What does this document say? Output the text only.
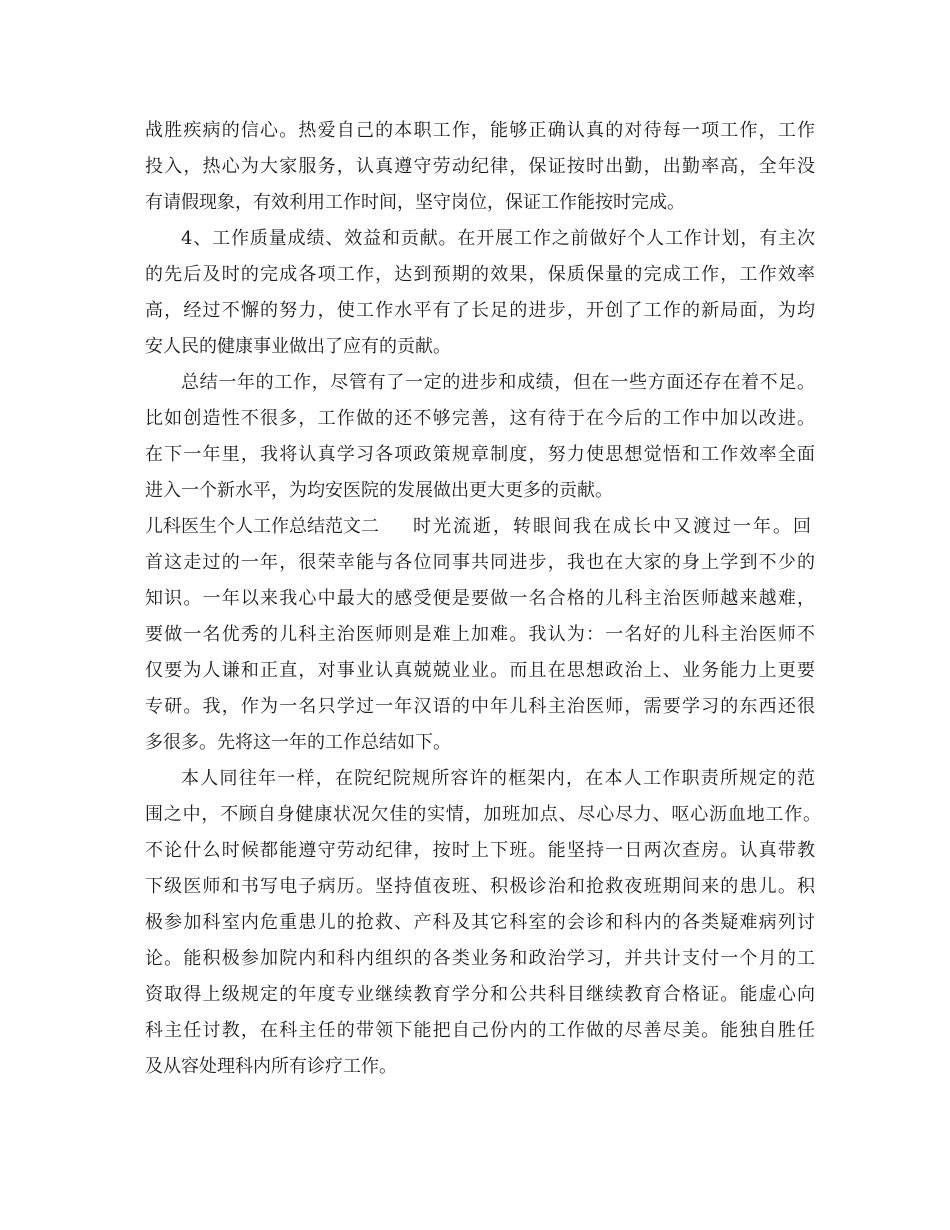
战胜疾病的信心。热爱自己的本职工作，能够正确认真的对待每一项工作，工作

投入，热心为大家服务，认真遵守劳动纪律，保证按时出勤，出勤率高，全年没

有请假现象，有效利用工作时间，坚守岗位，保证工作能按时完成。

4、工作质量成绩、效益和贡献。在开展工作之前做好个人工作计划，有主次

的先后及时的完成各项工作，达到预期的效果，保质保量的完成工作，工作效率

高，经过不懈的努力，使工作水平有了长足的进步，开创了工作的新局面，为均

安人民的健康事业做出了应有的贡献。

总结一年的工作，尽管有了一定的进步和成绩，但在一些方面还存在着不足。

比如创造性不很多，工作做的还不够完善，这有待于在今后的工作中加以改进。

在下一年里，我将认真学习各项政策规章制度，努力使思想觉悟和工作效率全面

进入一个新水平，为均安医院的发展做出更大更多的贡献。

儿科医生个人工作总结范文二 时光流逝，转眼间我在成长中又渡过一年。回

首这走过的一年，很荣幸能与各位同事共同进步，我也在大家的身上学到不少的

知识。一年以来我心中最大的感受便是要做一名合格的儿科主治医师越来越难，

要做一名优秀的儿科主治医师则是难上加难。我认为：一名好的儿科主治医师不

仅要为人谦和正直，对事业认真兢兢业业。而且在思想政治上、业务能力上更要

专研。我，作为一名只学过一年汉语的中年儿科主治医师，需要学习的东西还很

多很多。先将这一年的工作总结如下。

本人同往年一样，在院纪院规所容许的框架内，在本人工作职责所规定的范

围之中，不顾自身健康状况欠佳的实情，加班加点、尽心尽力、呕心沥血地工作。

不论什么时候都能遵守劳动纪律，按时上下班。能坚持一日两次查房。认真带教

下级医师和书写电子病历。坚持值夜班、积极诊治和抢救夜班期间来的患儿。积

极参加科室内危重患儿的抢救、产科及其它科室的会诊和科内的各类疑难病列讨

论。能积极参加院内和科内组织的各类业务和政治学习，并共计支付一个月的工

资取得上级规定的年度专业继续教育学分和公共科目继续教育合格证。能虚心向

科主任讨教，在科主任的带领下能把自己份内的工作做的尽善尽美。能独自胜任

及从容处理科内所有诊疗工作。
